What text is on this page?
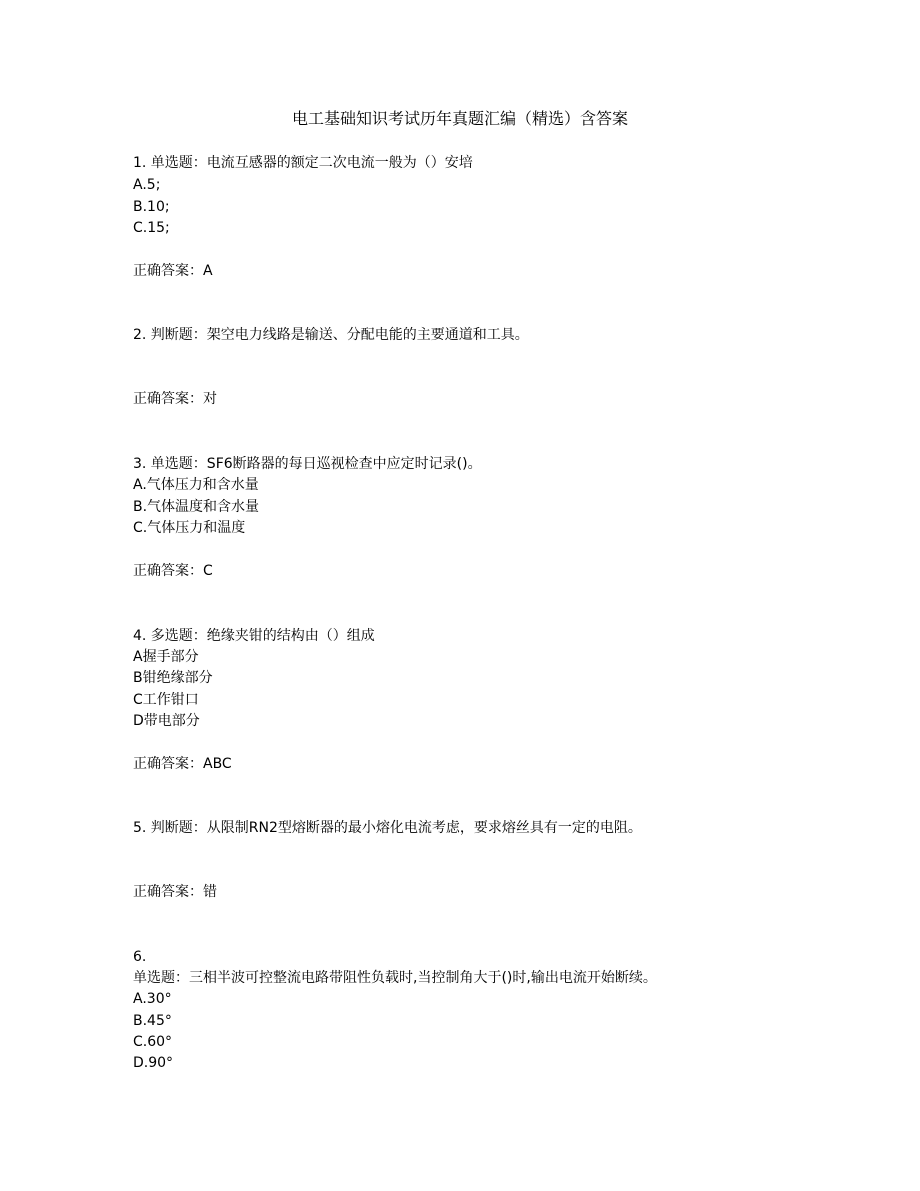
电工基础知识考试历年真题汇编（精选）含答案
1. 单选题：电流互感器的额定二次电流一般为（）安培
A.5;
B.10;
C.15;
正确答案：A
2. 判断题：架空电力线路是输送、分配电能的主要通道和工具。
正确答案：对
3. 单选题：SF6断路器的每日巡视检查中应定时记录()。
A.气体压力和含水量
B.气体温度和含水量
C.气体压力和温度
正确答案：C
4. 多选题：绝缘夹钳的结构由（）组成
A握手部分
B钳绝缘部分
C工作钳口
D带电部分
正确答案：ABC
5. 判断题：从限制RN2型熔断器的最小熔化电流考虑，要求熔丝具有一定的电阻。
正确答案：错
6.
单选题：三相半波可控整流电路带阻性负载时,当控制角大于()时,输出电流开始断续。
A.30°
B.45°
C.60°
D.90°
